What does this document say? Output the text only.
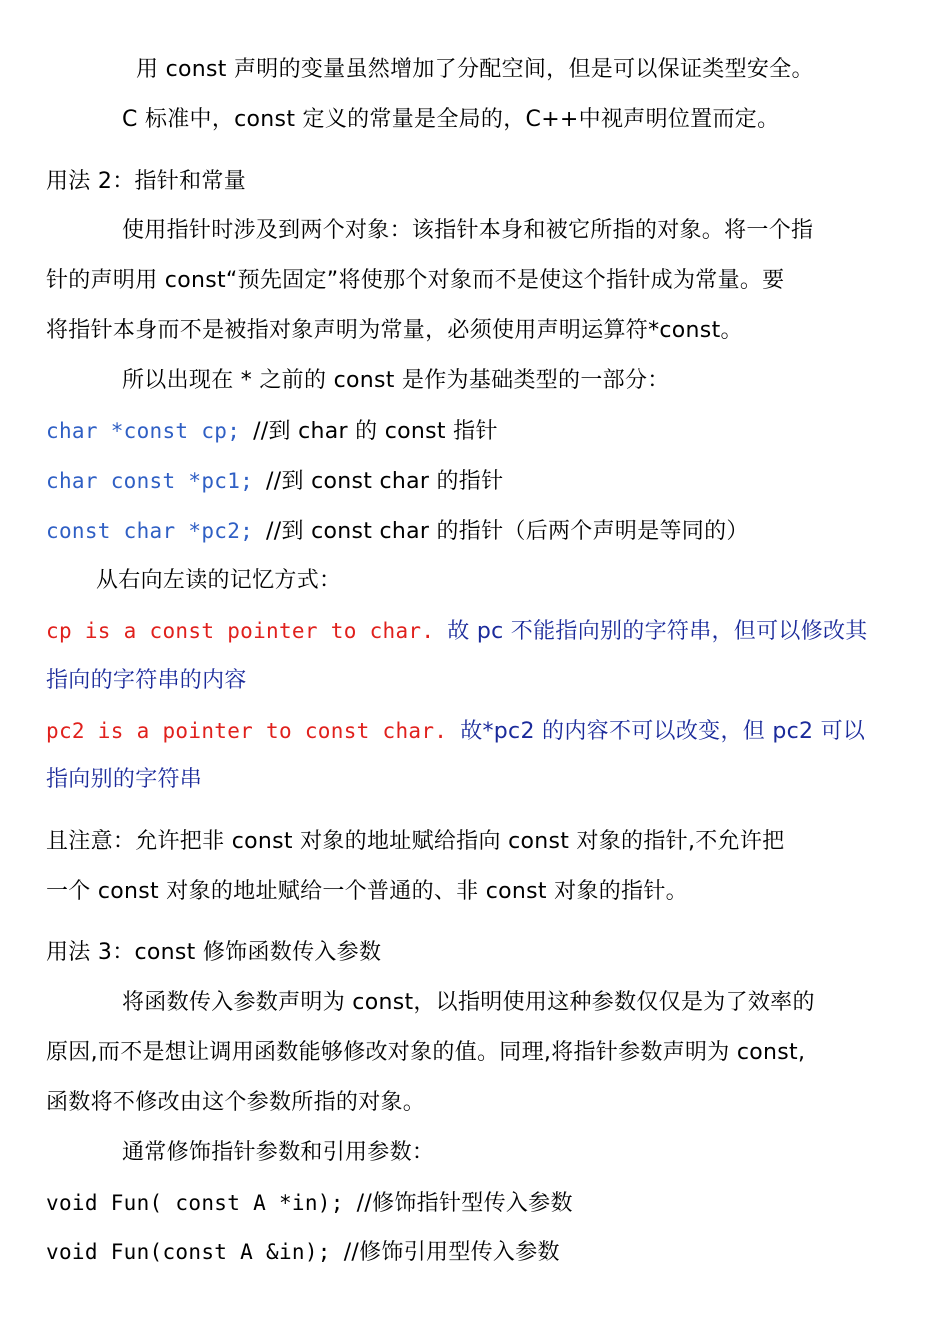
用 const 声明的变量虽然增加了分配空间，但是可以保证类型安全。
C 标准中，const 定义的常量是全局的，C++中视声明位置而定。
用法 2：指针和常量
使用指针时涉及到两个对象：该指针本身和被它所指的对象。将一个指
针的声明用 const“预先固定”将使那个对象而不是使这个指针成为常量。要
将指针本身而不是被指对象声明为常量，必须使用声明运算符*const。
所以出现在 * 之前的 const 是作为基础类型的一部分：
char *const cp; //到 char 的 const 指针
char const *pc1; //到 const char 的指针
const char *pc2; //到 const char 的指针（后两个声明是等同的）
从右向左读的记忆方式：
cp is a const pointer to char. 故 pc 不能指向别的字符串，但可以修改其
指向的字符串的内容
pc2 is a pointer to const char. 故*pc2 的内容不可以改变，但 pc2 可以
指向别的字符串
且注意：允许把非 const 对象的地址赋给指向 const 对象的指针,不允许把
一个 const 对象的地址赋给一个普通的、非 const 对象的指针。
用法 3：const 修饰函数传入参数
将函数传入参数声明为 const，以指明使用这种参数仅仅是为了效率的
原因,而不是想让调用函数能够修改对象的值。同理,将指针参数声明为 const,
函数将不修改由这个参数所指的对象。
通常修饰指针参数和引用参数：
void Fun( const A *in); //修饰指针型传入参数
void Fun(const A &in); //修饰引用型传入参数
